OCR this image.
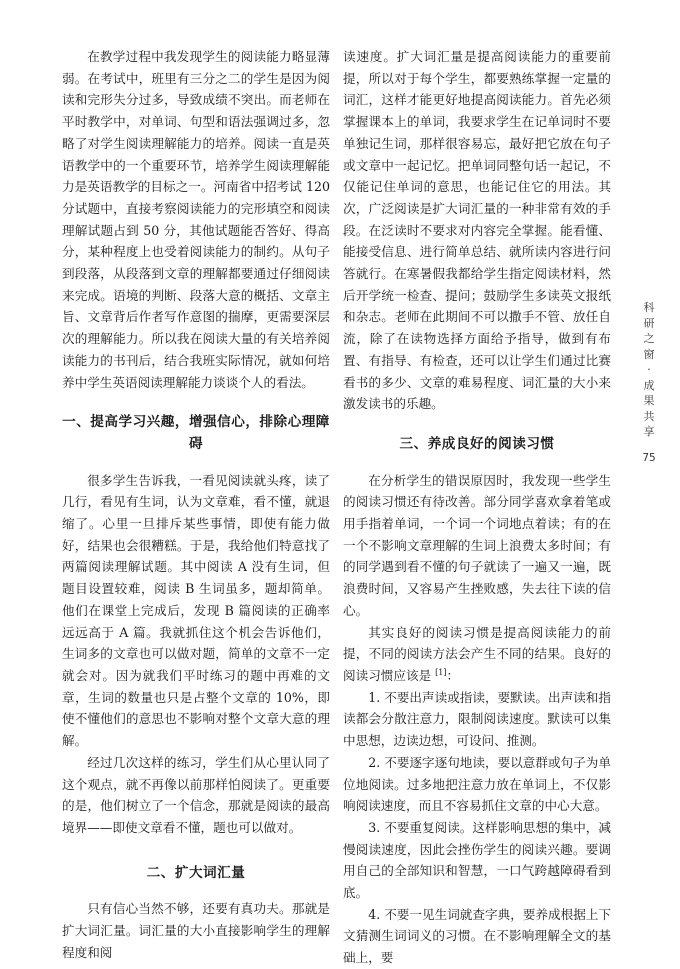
在教学过程中我发现学生的阅读能力略显薄弱。在考试中，班里有三分之二的学生是因为阅读和完形失分过多，导致成绩不突出。而老师在平时教学中，对单词、句型和语法强调过多，忽略了对学生阅读理解能力的培养。阅读一直是英语教学中的一个重要环节，培养学生阅读理解能力是英语教学的目标之一。河南省中招考试 120 分试题中，直接考察阅读能力的完形填空和阅读理解试题占到 50 分，其他试题能否答好、得高分，某种程度上也受着阅读能力的制约。从句子到段落，从段落到文章的理解都要通过仔细阅读来完成。语境的判断、段落大意的概括、文章主旨、文章背后作者写作意图的揣摩，更需要深层次的理解能力。所以我在阅读大量的有关培养阅读能力的书刊后，结合我班实际情况，就如何培养中学生英语阅读理解能力谈谈个人的看法。

一、提高学习兴趣，增强信心，排除心理障碍

很多学生告诉我，一看见阅读就头疼，读了几行，看见有生词，认为文章难，看不懂，就退缩了。心里一旦排斥某些事情，即使有能力做好，结果也会很糟糕。于是，我给他们特意找了两篇阅读理解试题。其中阅读 A 没有生词，但题目设置较难，阅读 B 生词虽多，题却简单。他们在课堂上完成后，发现 B 篇阅读的正确率远远高于 A 篇。我就抓住这个机会告诉他们，生词多的文章也可以做对题，简单的文章不一定就会对。因为就我们平时练习的题中再难的文章，生词的数量也只是占整个文章的 10%，即使不懂他们的意思也不影响对整个文章大意的理解。

经过几次这样的练习，学生们从心里认同了这个观点，就不再像以前那样怕阅读了。更重要的是，他们树立了一个信念，那就是阅读的最高境界——即使文章看不懂，题也可以做对。

二、扩大词汇量

只有信心当然不够，还要有真功夫。那就是扩大词汇量。词汇量的大小直接影响学生的理解程度和阅

读速度。扩大词汇量是提高阅读能力的重要前提，所以对于每个学生，都要熟练掌握一定量的词汇，这样才能更好地提高阅读能力。首先必须掌握课本上的单词，我要求学生在记单词时不要单独记生词，那样很容易忘，最好把它放在句子或文章中一起记忆。把单词同整句话一起记，不仅能记住单词的意思，也能记住它的用法。其次，广泛阅读是扩大词汇量的一种非常有效的手段。在泛读时不要求对内容完全掌握。能看懂、能接受信息、进行简单总结、就所读内容进行问答就行。在寒暑假我都给学生指定阅读材料，然后开学统一检查、提问；鼓励学生多读英文报纸和杂志。老师在此期间不可以撒手不管、放任自流，除了在读物选择方面给予指导，做到有布置、有指导、有检查，还可以让学生们通过比赛看书的多少、文章的难易程度、词汇量的大小来激发读书的乐趣。

三、养成良好的阅读习惯

在分析学生的错误原因时，我发现一些学生的阅读习惯还有待改善。部分同学喜欢拿着笔或用手指着单词，一个词一个词地点着读；有的在一个不影响文章理解的生词上浪费太多时间；有的同学遇到看不懂的句子就读了一遍又一遍，既浪费时间，又容易产生挫败感，失去往下读的信心。

其实良好的阅读习惯是提高阅读能力的前提，不同的阅读方法会产生不同的结果。良好的阅读习惯应该是 [1]：

1. 不要出声读或指读，要默读。出声读和指读都会分散注意力，限制阅读速度。默读可以集中思想，边读边想，可设问、推测。

2. 不要逐字逐句地读，要以意群或句子为单位地阅读。过多地把注意力放在单词上，不仅影响阅读速度，而且不容易抓住文章的中心大意。

3. 不要重复阅读。这样影响思想的集中，减慢阅读速度，因此会挫伤学生的阅读兴趣。要调用自己的全部知识和智慧，一口气跨越障碍看到底。

4. 不要一见生词就查字典，要养成根据上下文猜测生词词义的习惯。在不影响理解全文的基础上，要

科
研
之
窗
·
成
果
共
享
75
